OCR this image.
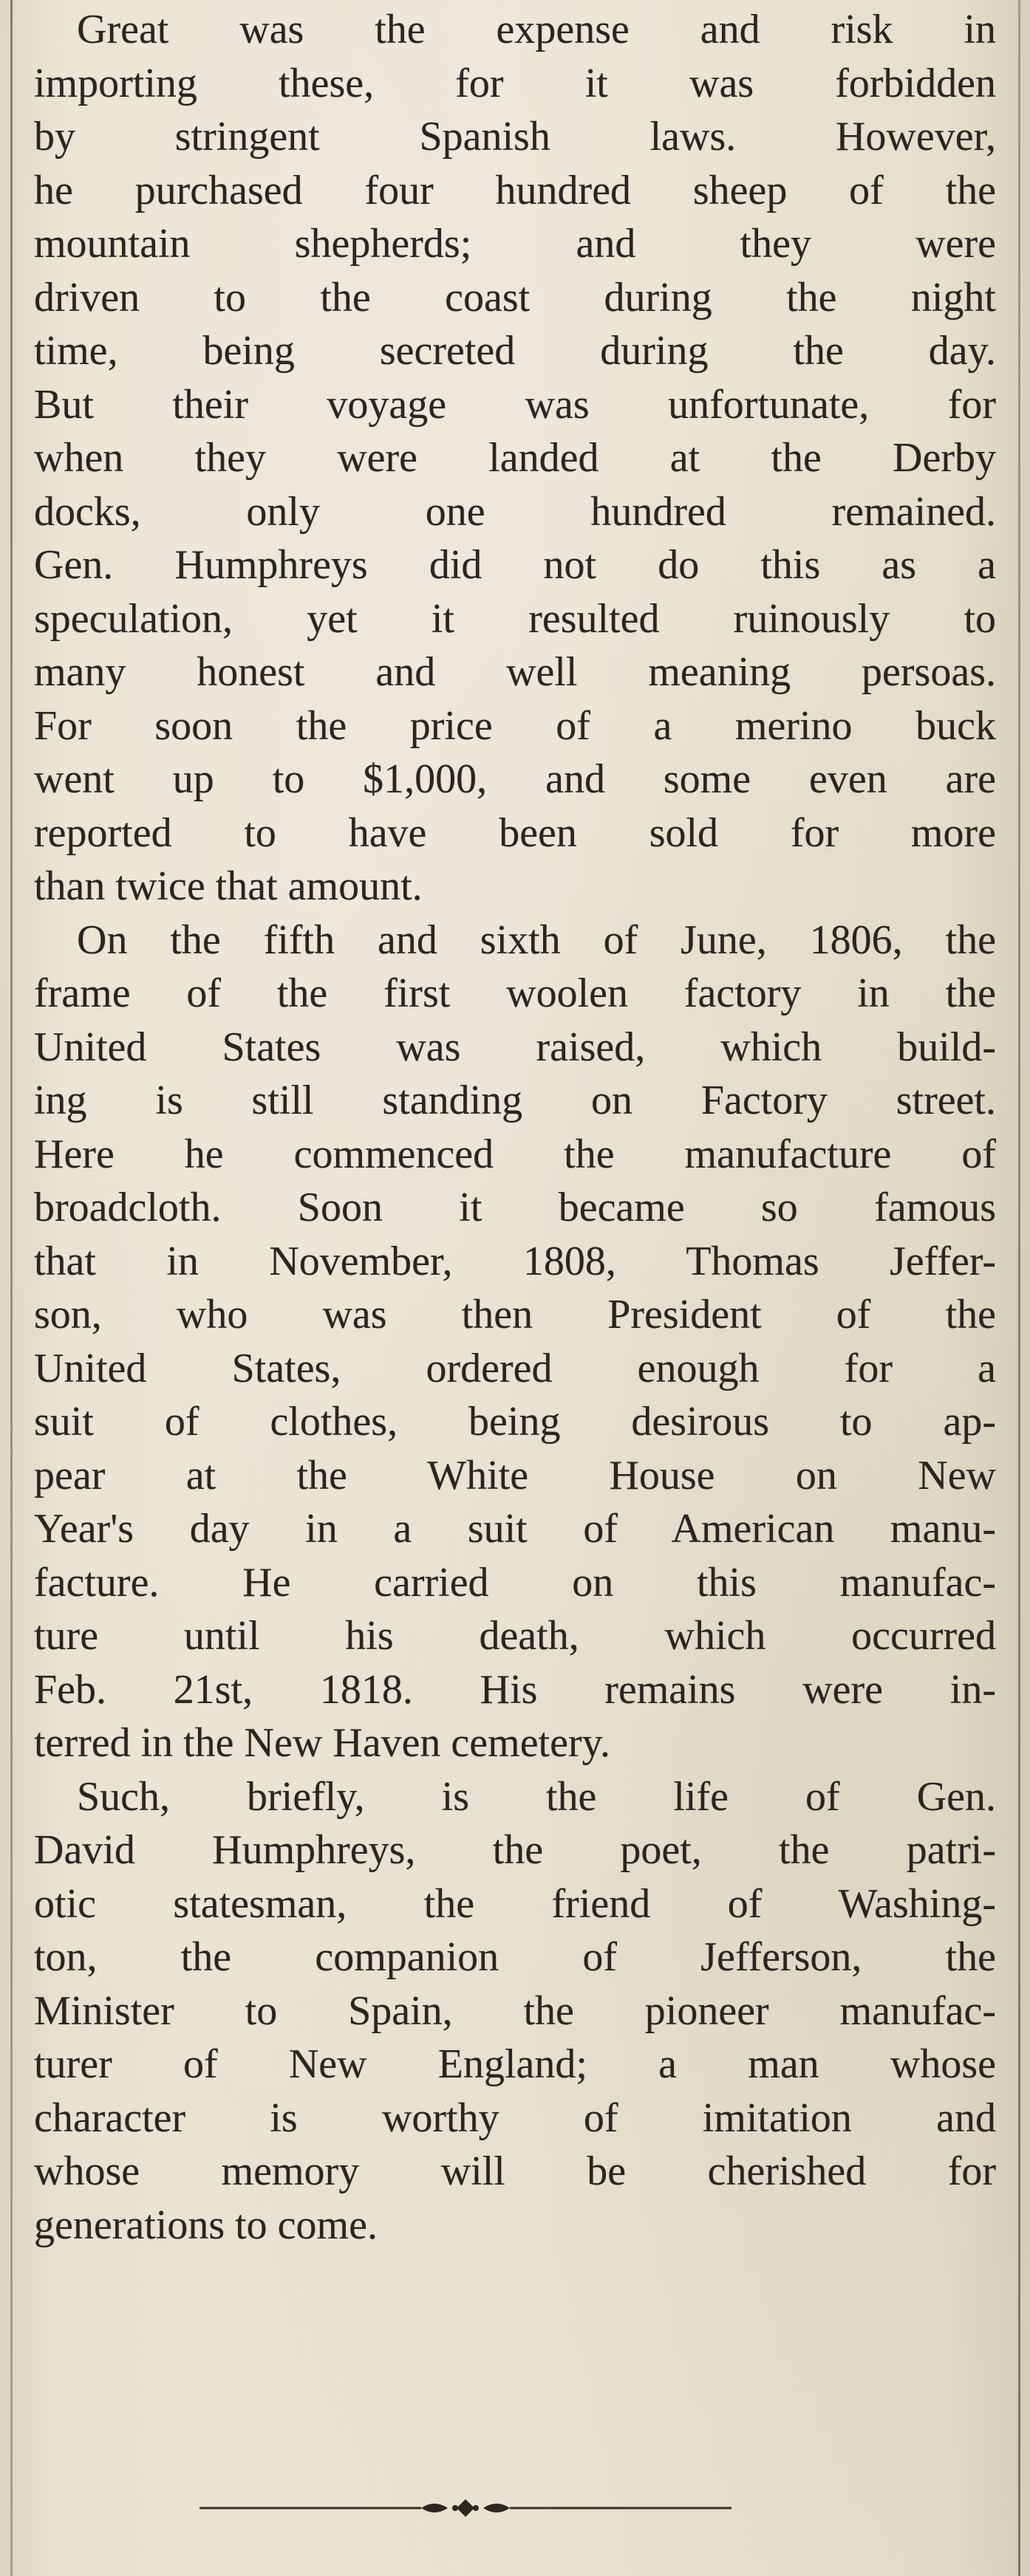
Great was the expense and risk in
importing these, for it was forbidden
by stringent Spanish laws. However,
he purchased four hundred sheep of the
mountain shepherds; and they were
driven to the coast during the night
time, being secreted during the day.
But their voyage was unfortunate, for
when they were landed at the Derby
docks, only one hundred remained.
Gen. Humphreys did not do this as a
speculation, yet it resulted ruinously to
many honest and well meaning persoas.
For soon the price of a merino buck
went up to $1,000, and some even are
reported to have been sold for more
than twice that amount.

On the fifth and sixth of June, 1806, the
frame of the first woolen factory in the
United States was raised, which build-
ing is still standing on Factory street.
Here he commenced the manufacture of
broadcloth. Soon it became so famous
that in November, 1808, Thomas Jeffer-
son, who was then President of the
United States, ordered enough for a
suit of clothes, being desirous to ap-
pear at the White House on New
Year's day in a suit of American manu-
facture. He carried on this manufac-
ture until his death, which occurred
Feb. 21st, 1818. His remains were in-
terred in the New Haven cemetery.

Such, briefly, is the life of Gen.
David Humphreys, the poet, the patri-
otic statesman, the friend of Washing-
ton, the companion of Jefferson, the
Minister to Spain, the pioneer manufac-
turer of New England; a man whose
character is worthy of imitation and
whose memory will be cherished for
generations to come.
